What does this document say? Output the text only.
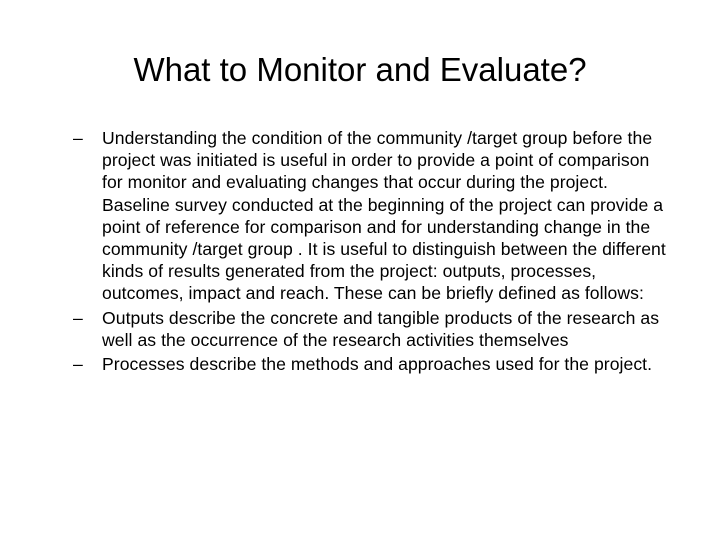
What to Monitor and Evaluate?
– Understanding the condition of the community /target group before the project was initiated is useful in order to provide a point of comparison for monitor and evaluating changes that occur during the project. Baseline survey conducted at the beginning of the project can provide a point of reference for comparison and for understanding change in the community /target group . It is useful to distinguish between the different kinds of results generated from the project: outputs, processes, outcomes, impact and reach. These can be briefly defined as follows:
– Outputs describe the concrete and tangible products of the research as well as the occurrence of the research activities themselves
– Processes describe the methods and approaches used for the project.
